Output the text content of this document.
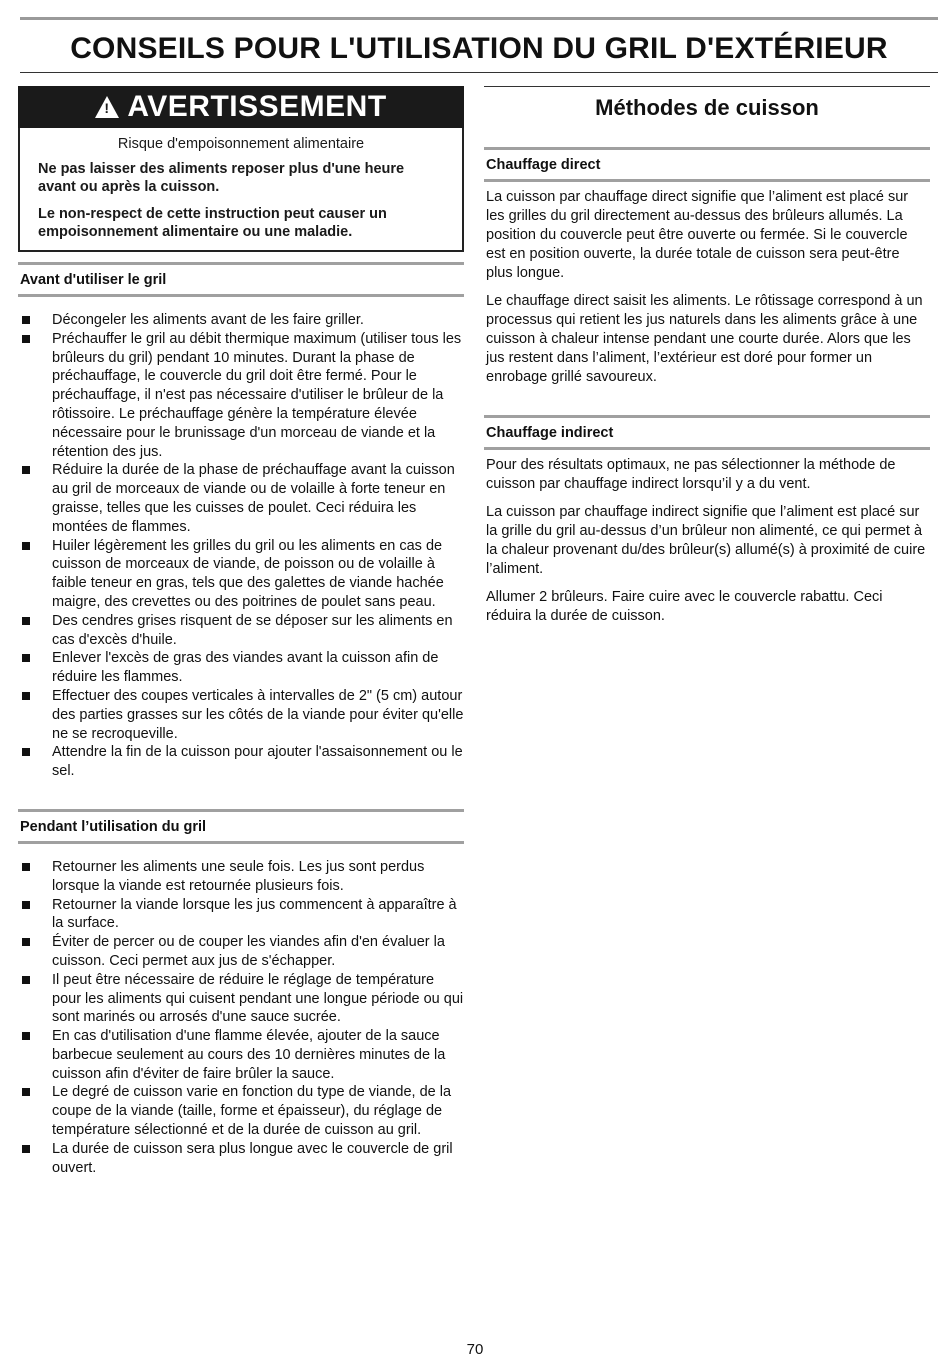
CONSEILS POUR L'UTILISATION DU GRIL D'EXTÉRIEUR
! AVERTISSEMENT
Risque d'empoisonnement alimentaire
Ne pas laisser des aliments reposer plus d'une heure avant ou après la cuisson.
Le non-respect de cette instruction peut causer un empoisonnement alimentaire ou une maladie.
Avant d'utiliser le gril
Décongeler les aliments avant de les faire griller.
Préchauffer le gril au débit thermique maximum (utiliser tous les brûleurs du gril) pendant 10 minutes. Durant la phase de préchauffage, le couvercle du gril doit être fermé. Pour le préchauffage, il n'est pas nécessaire d'utiliser le brûleur de la rôtissoire. Le préchauffage génère la température élevée nécessaire pour le brunissage d'un morceau de viande et la rétention des jus.
Réduire la durée de la phase de préchauffage avant la cuisson au gril de morceaux de viande ou de volaille à forte teneur en graisse, telles que les cuisses de poulet. Ceci réduira les montées de flammes.
Huiler légèrement les grilles du gril ou les aliments en cas de cuisson de morceaux de viande, de poisson ou de volaille à faible teneur en gras, tels que des galettes de viande hachée maigre, des crevettes ou des poitrines de poulet sans peau.
Des cendres grises risquent de se déposer sur les aliments en cas d'excès d'huile.
Enlever l'excès de gras des viandes avant la cuisson afin de réduire les flammes.
Effectuer des coupes verticales à intervalles de 2" (5 cm) autour des parties grasses sur les côtés de la viande pour éviter qu'elle ne se recroqueville.
Attendre la fin de la cuisson pour ajouter l'assaisonnement ou le sel.
Pendant l’utilisation du gril
Retourner les aliments une seule fois. Les jus sont perdus lorsque la viande est retournée plusieurs fois.
Retourner la viande lorsque les jus commencent à apparaître à la surface.
Éviter de percer ou de couper les viandes afin d'en évaluer la cuisson. Ceci permet aux jus de s'échapper.
Il peut être nécessaire de réduire le réglage de température pour les aliments qui cuisent pendant une longue période ou qui sont marinés ou arrosés d'une sauce sucrée.
En cas d'utilisation d'une flamme élevée, ajouter de la sauce barbecue seulement au cours des 10 dernières minutes de la cuisson afin d'éviter de faire brûler la sauce.
Le degré de cuisson varie en fonction du type de viande, de la coupe de la viande (taille, forme et épaisseur), du réglage de température sélectionné et de la durée de cuisson au gril.
La durée de cuisson sera plus longue avec le couvercle de gril ouvert.
Méthodes de cuisson
Chauffage direct

La cuisson par chauffage direct signifie que l’aliment est placé sur les grilles du gril directement au-dessus des brûleurs allumés. La position du couvercle peut être ouverte ou fermée. Si le couvercle est en position ouverte, la durée totale de cuisson sera peut-être plus longue.

Le chauffage direct saisit les aliments. Le rôtissage correspond à un processus qui retient les jus naturels dans les aliments grâce à une cuisson à chaleur intense pendant une courte durée. Alors que les jus restent dans l’aliment, l’extérieur est doré pour former un enrobage grillé savoureux.

Chauffage indirect

Pour des résultats optimaux, ne pas sélectionner la méthode de cuisson par chauffage indirect lorsqu’il y a du vent.

La cuisson par chauffage indirect signifie que l’aliment est placé sur la grille du gril au-dessus d’un brûleur non alimenté, ce qui permet à la chaleur provenant du/des brûleur(s) allumé(s) à proximité de cuire l’aliment.

Allumer 2 brûleurs. Faire cuire avec le couvercle rabattu. Ceci réduira la durée de cuisson.

70
